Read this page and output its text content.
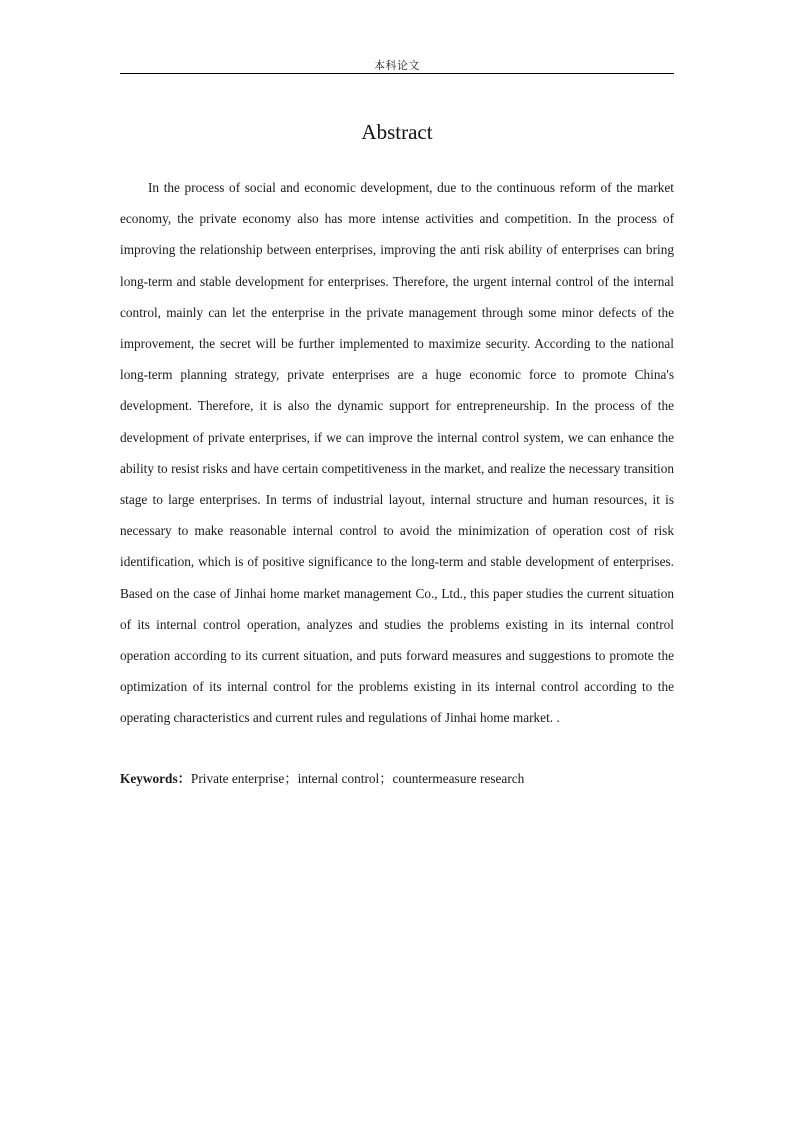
本科论文
Abstract

In the process of social and economic development, due to the continuous reform of the market economy, the private economy also has more intense activities and competition. In the process of improving the relationship between enterprises, improving the anti risk ability of enterprises can bring long-term and stable development for enterprises. Therefore, the urgent internal control of the internal control, mainly can let the enterprise in the private management through some minor defects of the improvement, the secret will be further implemented to maximize security. According to the national long-term planning strategy, private enterprises are a huge economic force to promote China's development. Therefore, it is also the dynamic support for entrepreneurship. In the process of the development of private enterprises, if we can improve the internal control system, we can enhance the ability to resist risks and have certain competitiveness in the market, and realize the necessary transition stage to large enterprises. In terms of industrial layout, internal structure and human resources, it is necessary to make reasonable internal control to avoid the minimization of operation cost of risk identification, which is of positive significance to the long-term and stable development of enterprises. Based on the case of Jinhai home market management Co., Ltd., this paper studies the current situation of its internal control operation, analyzes and studies the problems existing in its internal control operation according to its current situation, and puts forward measures and suggestions to promote the optimization of its internal control for the problems existing in its internal control according to the operating characteristics and current rules and regulations of Jinhai home market. .

Keywords：Private enterprise；internal control；countermeasure research
